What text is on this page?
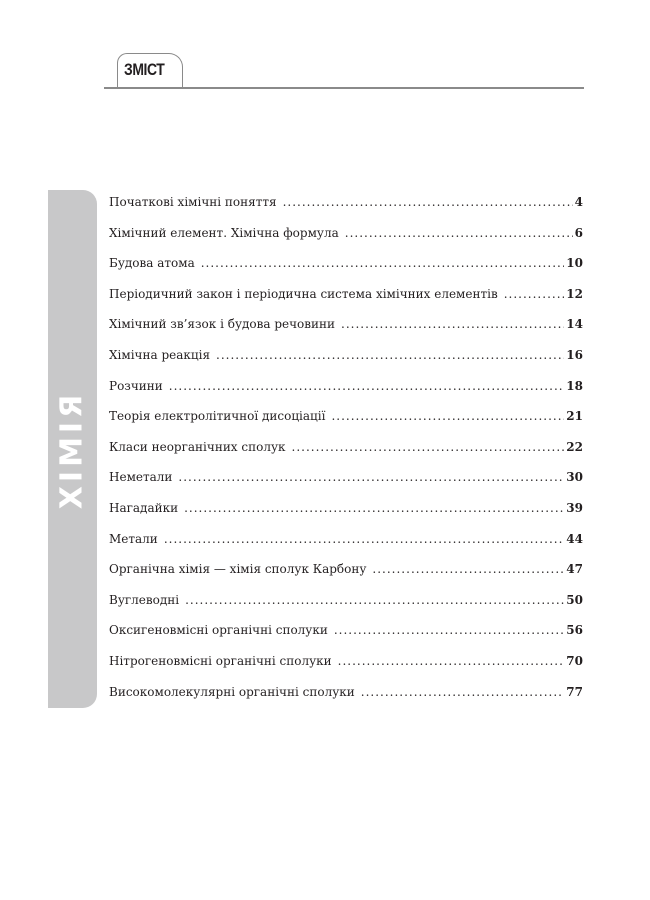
ЗМІСТ
ХІМІЯ
Початкові хімічні поняття .....	4
Хімічний елемент. Хімічна формула .....	6
Будова атома .....	10
Періодичний закон і періодична система хімічних елементів .....	12
Хімічний зв’язок і будова речовини .....	14
Хімічна реакція .....	16
Розчини .....	18
Теорія електролітичної дисоціації .....	21
Класи неорганічних сполук .....	22
Неметали .....	30
Нагадайки .....	39
Метали .....	44
Органічна хімія — хімія сполук Карбону .....	47
Вуглеводні .....	50
Оксигеновмісні органічні сполуки .....	56
Нітрогеновмісні органічні сполуки .....	70
Високомолекулярні органічні сполуки .....	77
